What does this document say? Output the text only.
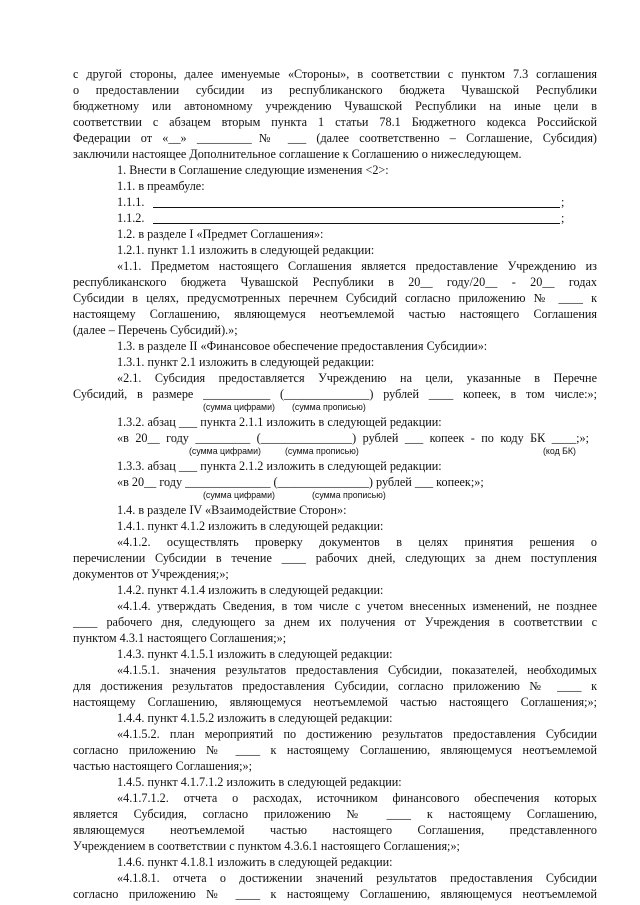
с другой стороны, далее именуемые «Стороны», в соответствии с пунктом 7.3 соглашения
о предоставлении субсидии из республиканского бюджета Чувашской Республики
бюджетному или автономному учреждению Чувашской Республики на иные цели в
соответствии с абзацем вторым пункта 1 статьи 78.1 Бюджетного кодекса Российской
Федерации от «__» _________№ ___ (далее соответственно – Соглашение, Субсидия)
заключили настоящее Дополнительное соглашение к Соглашению о нижеследующем.
1. Внести в Соглашение следующие изменения <2>:
1.1. в преамбуле:
1.1.1.	;
1.1.2.	;
1.2. в разделе I «Предмет Соглашения»:
1.2.1. пункт 1.1 изложить в следующей редакции:
«1.1. Предметом настоящего Соглашения является предоставление Учреждению из
республиканского бюджета Чувашской Республики в 20__ году/20__ - 20__ годах
Субсидии в целях, предусмотренных перечнем Субсидий согласно приложению № ____ к
настоящему Соглашению, являющемуся неотъемлемой частью настоящего Соглашения
(далее – Перечень Субсидий).»;
1.3. в разделе II «Финансовое обеспечение предоставления Субсидии»:
1.3.1. пункт 2.1 изложить в следующей редакции:
«2.1. Субсидия предоставляется Учреждению на цели, указанные в Перечне
Субсидий, в размере ___________ (______________) рублей ____ копеек, в том числе:»;
(сумма цифрами) (сумма прописью)
1.3.2. абзац ___ пункта 2.1.1 изложить в следующей редакции:
«в 20__ году _________ (_______________) рублей ___ копеек - по коду БК ____;»;
(сумма цифрами)	(сумма прописью)	(код БК)
1.3.3. абзац ___ пункта 2.1.2 изложить в следующей редакции:
«в 20__ году ______________ (_______________) рублей ___ копеек;»;
(сумма цифрами)	(сумма прописью)
1.4. в разделе IV «Взаимодействие Сторон»:
1.4.1. пункт 4.1.2 изложить в следующей редакции:
«4.1.2. осуществлять проверку документов в целях принятия решения о
перечислении Субсидии в течение ____ рабочих дней, следующих за днем поступления
документов от Учреждения;»;
1.4.2. пункт 4.1.4 изложить в следующей редакции:
«4.1.4. утверждать Сведения, в том числе с учетом внесенных изменений, не позднее
____ рабочего дня, следующего за днем их получения от Учреждения в соответствии с
пунктом 4.3.1 настоящего Соглашения;»;
1.4.3. пункт 4.1.5.1 изложить в следующей редакции:
«4.1.5.1. значения результатов предоставления Субсидии, показателей, необходимых
для достижения результатов предоставления Субсидии, согласно приложению № ____ к
настоящему Соглашению, являющемуся неотъемлемой частью настоящего Соглашения;»;
1.4.4. пункт 4.1.5.2 изложить в следующей редакции:
«4.1.5.2. план мероприятий по достижению результатов предоставления Субсидии
согласно приложению № ____ к настоящему Соглашению, являющемуся неотъемлемой
частью настоящего Соглашения;»;
1.4.5. пункт 4.1.7.1.2 изложить в следующей редакции:
«4.1.7.1.2. отчета о расходах, источником финансового обеспечения которых
является Субсидия, согласно приложению № ____ к настоящему Соглашению,
являющемуся неотъемлемой частью настоящего Соглашения, представленного
Учреждением в соответствии с пунктом 4.3.6.1 настоящего Соглашения;»;
1.4.6. пункт 4.1.8.1 изложить в следующей редакции:
«4.1.8.1. отчета о достижении значений результатов предоставления Субсидии
согласно приложению № ____ к настоящему Соглашению, являющемуся неотъемлемой
